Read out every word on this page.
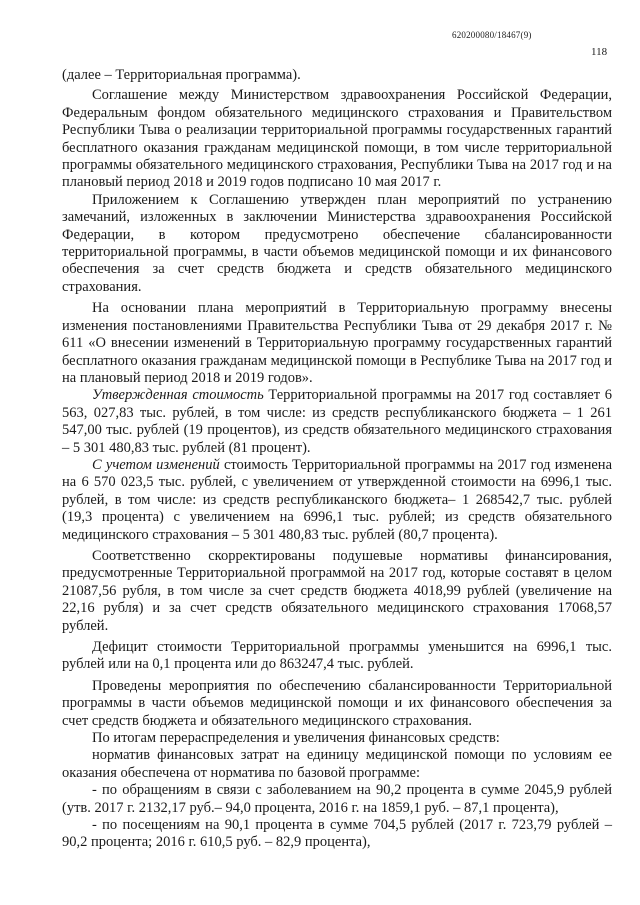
620200080/18467(9)
118

(далее – Территориальная программа).

Соглашение между Министерством здравоохранения Российской Федерации, Федеральным фондом обязательного медицинского страхования и Правительством Республики Тыва о реализации территориальной программы государственных гарантий бесплатного оказания гражданам медицинской помощи, в том числе территориальной программы обязательного медицинского страхования, Республики Тыва на 2017 год и на плановый период 2018 и 2019 годов подписано 10 мая 2017 г.

Приложением к Соглашению утвержден план мероприятий по устранению замечаний, изложенных в заключении Министерства здравоохранения Российской Федерации, в котором предусмотрено обеспечение сбалансированности территориальной программы, в части объемов медицинской помощи и их финансового обеспечения за счет средств бюджета и средств обязательного медицинского страхования.

На основании плана мероприятий в Территориальную программу внесены изменения постановлениями Правительства Республики Тыва от 29 декабря 2017 г. № 611 «О внесении изменений в Территориальную программу государственных гарантий бесплатного оказания гражданам медицинской помощи в Республике Тыва на 2017 год и на плановый период 2018 и 2019 годов».

Утвержденная стоимость Территориальной программы на 2017 год составляет 6 563, 027,83 тыс. рублей, в том числе: из средств республиканского бюджета – 1 261 547,00 тыс. рублей (19 процентов), из средств обязательного медицинского страхования – 5 301 480,83 тыс. рублей (81 процент).

С учетом изменений стоимость Территориальной программы на 2017 год изменена на 6 570 023,5 тыс. рублей, с увеличением от утвержденной стоимости на 6996,1 тыс. рублей, в том числе: из средств республиканского бюджета– 1 268542,7 тыс. рублей (19,3 процента) с увеличением на 6996,1 тыс. рублей; из средств обязательного медицинского страхования – 5 301 480,83 тыс. рублей (80,7 процента).

Соответственно скорректированы подушевые нормативы финансирования, предусмотренные Территориальной программой на 2017 год, которые составят в целом 21087,56 рубля, в том числе за счет средств бюджета 4018,99 рублей (увеличение на 22,16 рубля) и за счет средств обязательного медицинского страхования 17068,57 рублей.

Дефицит стоимости Территориальной программы уменьшится на 6996,1 тыс. рублей или на 0,1 процента или до 863247,4 тыс. рублей.

Проведены мероприятия по обеспечению сбалансированности Территориальной программы в части объемов медицинской помощи и их финансового обеспечения за счет средств бюджета и обязательного медицинского страхования.

По итогам перераспределения и увеличения финансовых средств:

норматив финансовых затрат на единицу медицинской помощи по условиям ее оказания обеспечена от норматива по базовой программе:

- по обращениям в связи с заболеванием на 90,2 процента в сумме 2045,9 рублей (утв. 2017 г. 2132,17 руб.– 94,0 процента, 2016 г. на 1859,1 руб. – 87,1 процента),

- по посещениям на 90,1 процента в сумме 704,5 рублей (2017 г. 723,79 рублей – 90,2 процента; 2016 г. 610,5 руб. – 82,9 процента),
